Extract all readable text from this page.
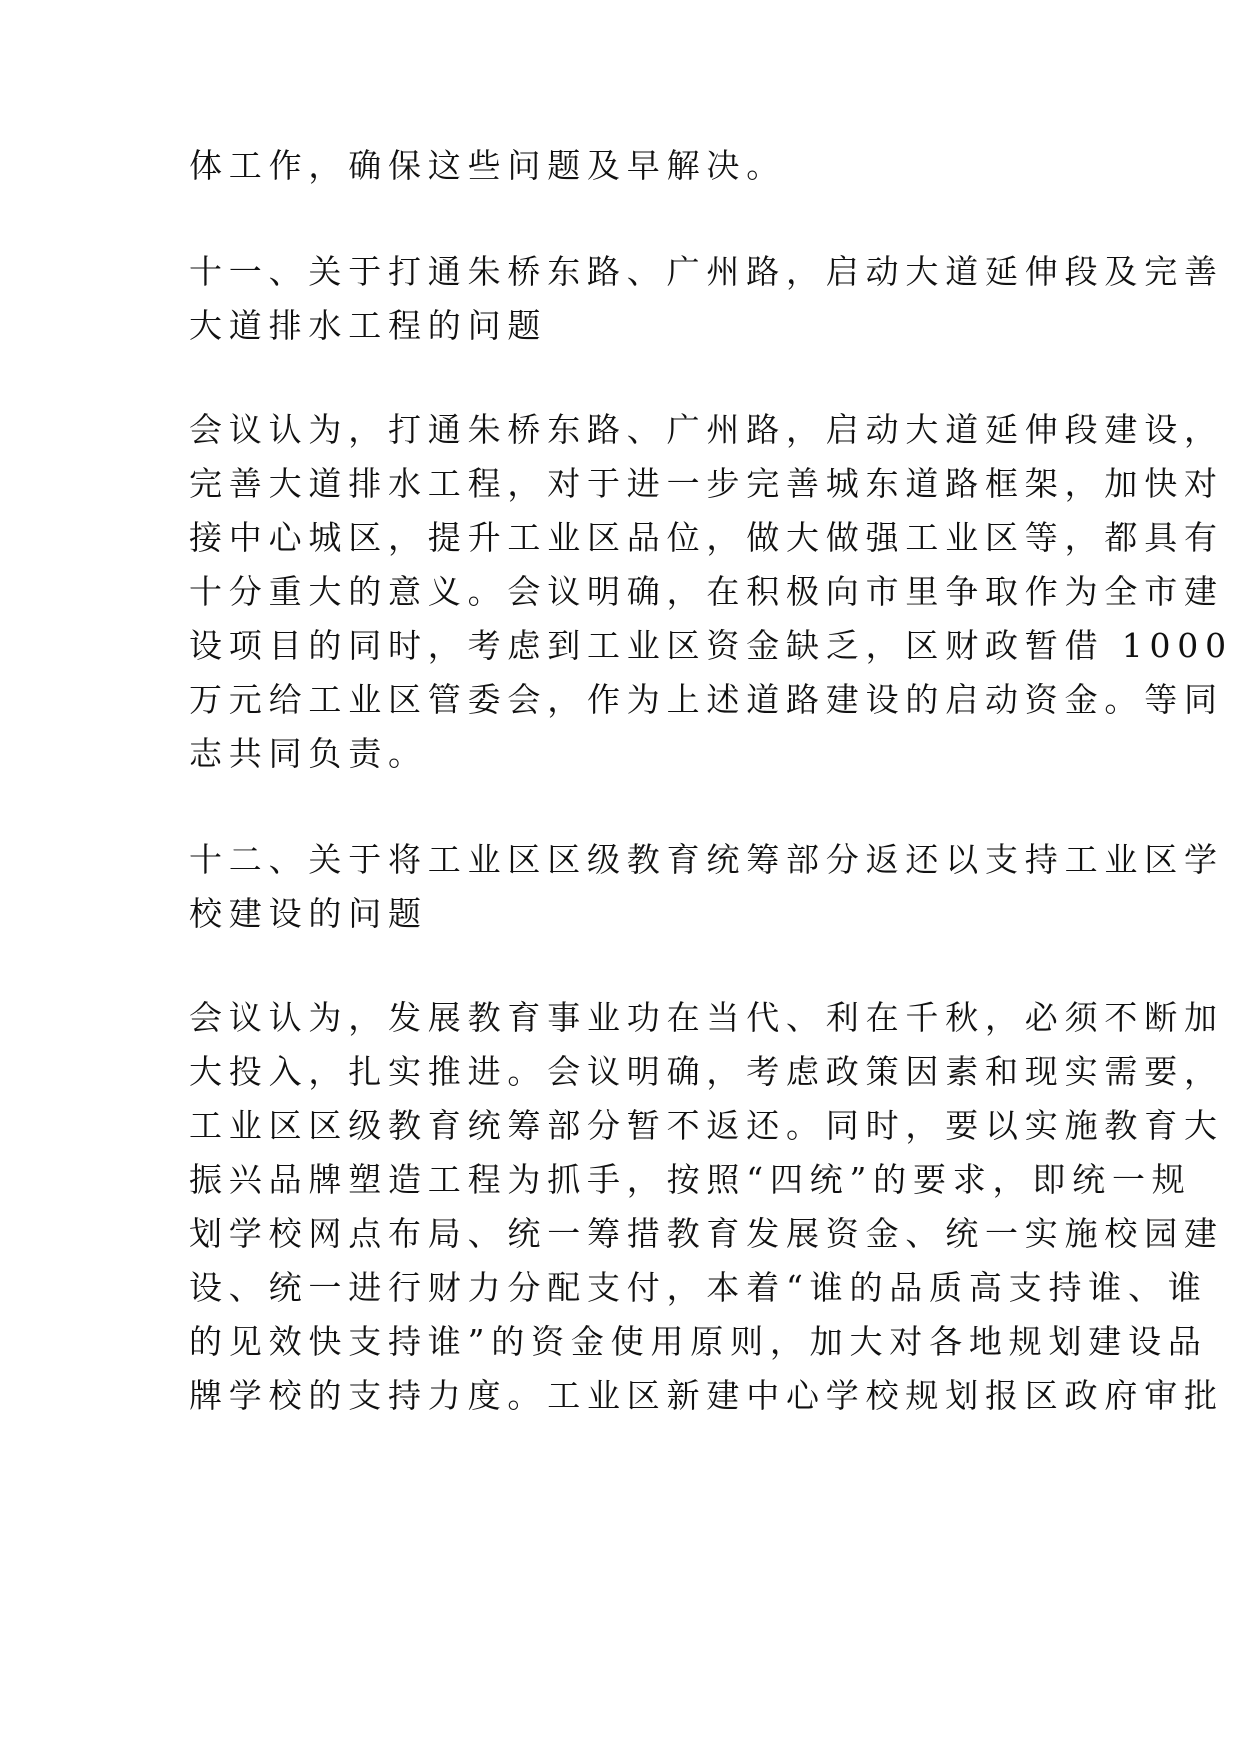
体工作，确保这些问题及早解决。
十一、关于打通朱桥东路、广州路，启动大道延伸段及完善
大道排水工程的问题
会议认为，打通朱桥东路、广州路，启动大道延伸段建设，
完善大道排水工程，对于进一步完善城东道路框架，加快对
接中心城区，提升工业区品位，做大做强工业区等，都具有
十分重大的意义。会议明确，在积极向市里争取作为全市建
设项目的同时，考虑到工业区资金缺乏，区财政暂借 1000
万元给工业区管委会，作为上述道路建设的启动资金。等同
志共同负责。
十二、关于将工业区区级教育统筹部分返还以支持工业区学
校建设的问题
会议认为，发展教育事业功在当代、利在千秋，必须不断加
大投入，扎实推进。会议明确，考虑政策因素和现实需要，
工业区区级教育统筹部分暂不返还。同时，要以实施教育大
振兴品牌塑造工程为抓手，按照“四统”的要求，即统一规
划学校网点布局、统一筹措教育发展资金、统一实施校园建
设、统一进行财力分配支付，本着“谁的品质高支持谁、谁
的见效快支持谁”的资金使用原则，加大对各地规划建设品
牌学校的支持力度。工业区新建中心学校规划报区政府审批
